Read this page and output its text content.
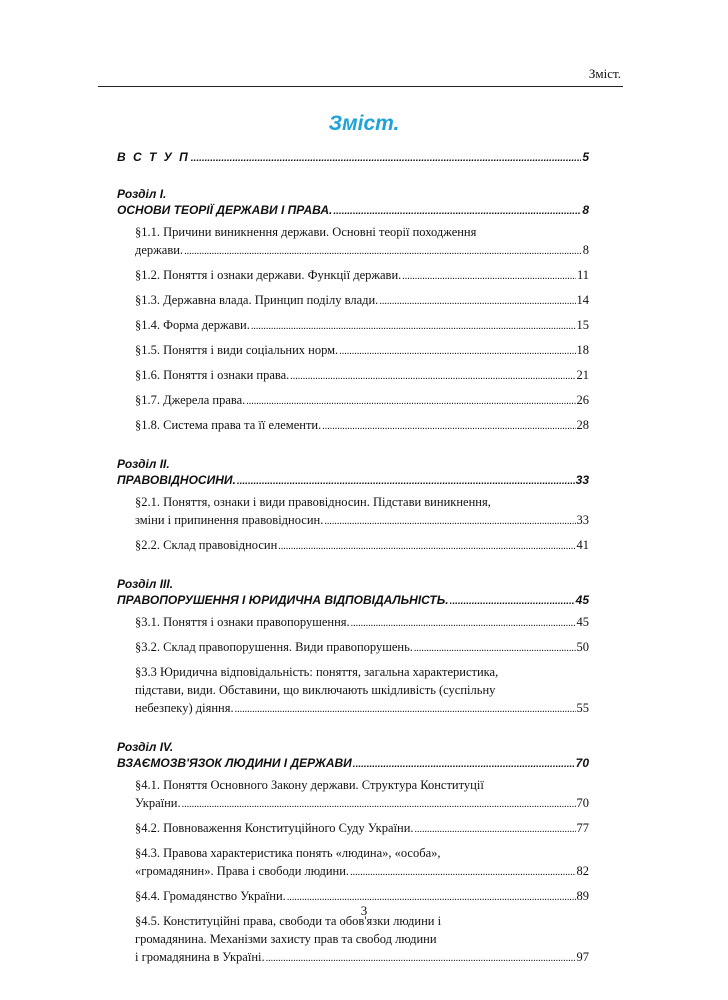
Зміст.
Зміст.
В С Т У П .....	5
Розділ І.
ОСНОВИ ТЕОРІЇ ДЕРЖАВИ І ПРАВА. .....	8
§1.1. Причини виникнення держави. Основні теорії походження
держави. .....	8
§1.2. Поняття і ознаки держави. Функції держави. .....	11
§1.3. Державна влада. Принцип поділу влади. .....	14
§1.4. Форма держави. .....	15
§1.5. Поняття і види соціальних норм. .....	18
§1.6. Поняття і ознаки права. .....	21
§1.7. Джерела права. .....	26
§1.8. Система права та її елементи. .....	28
Розділ ІІ.
ПРАВОВІДНОСИНИ. .....	33
§2.1. Поняття, ознаки і види правовідносин. Підстави виникнення,
зміни і припинення правовідносин. .....	33
§2.2. Склад правовідносин .....	41
Розділ ІІІ.
ПРАВОПОРУШЕННЯ І ЮРИДИЧНА ВІДПОВІДАЛЬНІСТЬ. .....	45
§3.1. Поняття і ознаки правопорушення. .....	45
§3.2. Склад правопорушення. Види правопорушень. .....	50
§3.3 Юридична відповідальність: поняття, загальна характеристика,
підстави, види. Обставини, що виключають шкідливість (суспільну
небезпеку) діяння. .....	55
Розділ IV.
ВЗАЄМОЗВ'ЯЗОК ЛЮДИНИ І ДЕРЖАВИ .....	70
§4.1. Поняття Основного Закону держави. Структура Конституції
України. .....	70
§4.2. Повноваження Конституційного Суду України. .....	77
§4.3. Правова характеристика понять «людина», «особа»,
«громадянин». Права і свободи людини. .....	82
§4.4. Громадянство України. .....	89
§4.5. Конституційні права, свободи та обов'язки людини і
громадянина. Механізми захисту прав та свобод людини
і громадянина в Україні. .....	97
3
